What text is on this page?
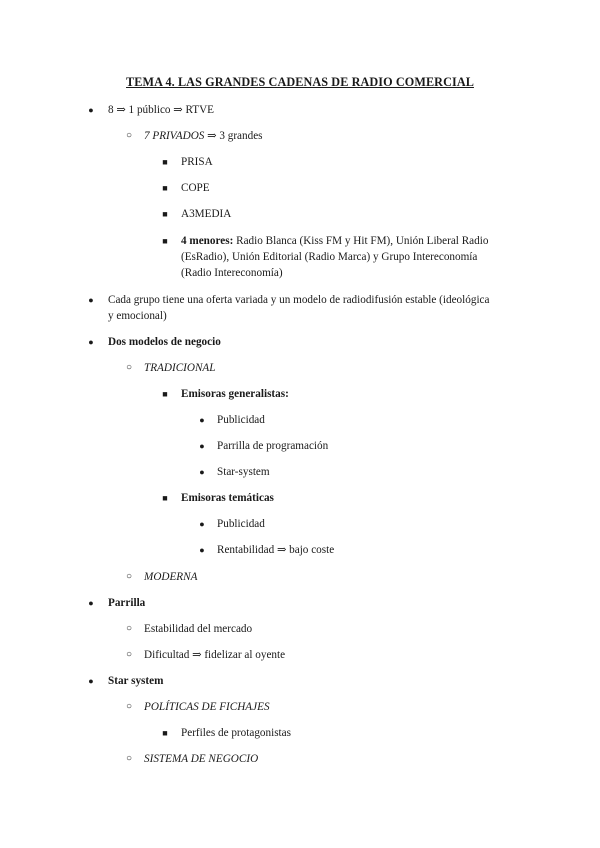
TEMA 4. LAS GRANDES CADENAS DE RADIO COMERCIAL
● 8 ⇒ 1 público ⇒ RTVE
○ 7 PRIVADOS ⇒ 3 grandes
■ PRISA
■ COPE
■ A3MEDIA
■ 4 menores: Radio Blanca (Kiss FM y Hit FM), Unión Liberal Radio
(EsRadio), Unión Editorial (Radio Marca) y Grupo Intereconomía
(Radio Intereconomía)
● Cada grupo tiene una oferta variada y un modelo de radiodifusión estable (ideológica
y emocional)
● Dos modelos de negocio
○ TRADICIONAL
■ Emisoras generalistas:
● Publicidad
● Parrilla de programación
● Star-system
■ Emisoras temáticas
● Publicidad
● Rentabilidad ⇒ bajo coste
○ MODERNA
● Parrilla
○ Estabilidad del mercado
○ Dificultad ⇒ fidelizar al oyente
● Star system
○ POLÍTICAS DE FICHAJES
■ Perfiles de protagonistas
○ SISTEMA DE NEGOCIO
